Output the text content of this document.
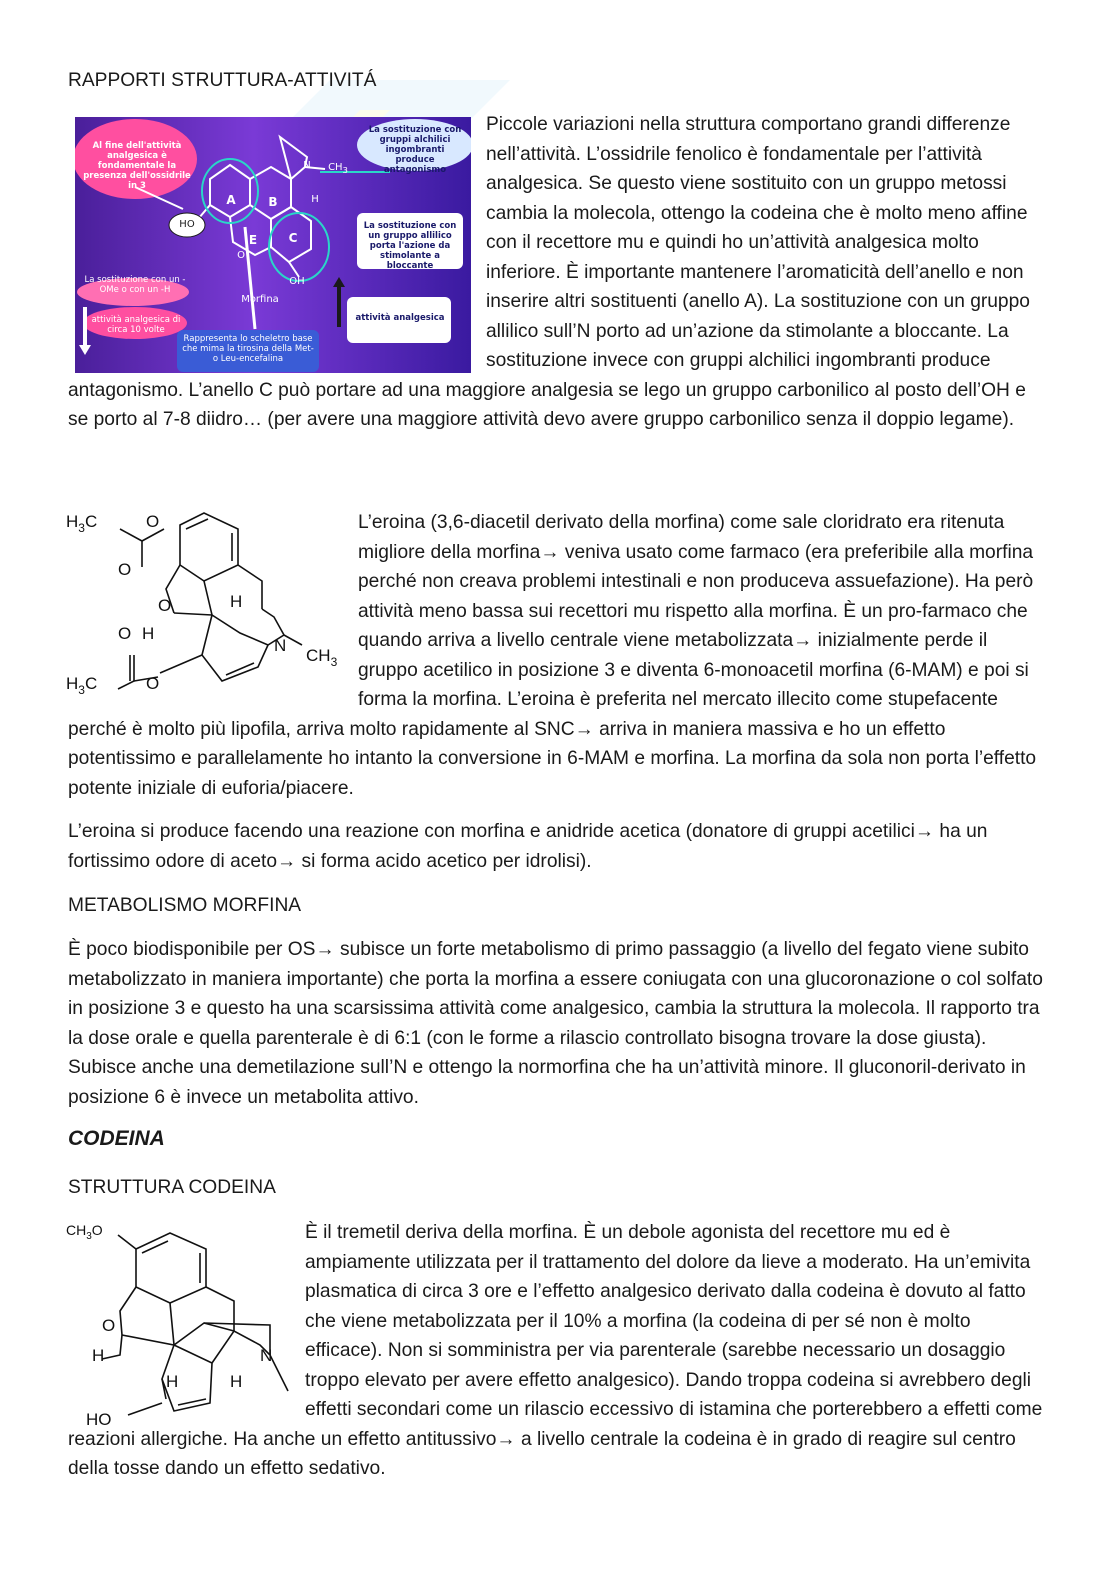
RAPPORTI STRUTTURA-ATTIVITÁ
Al fine dell'attività analgesica è fondamentale la presenza dell'ossidrile in 3
La sostituzione con gruppi alchilici ingombranti produce antagonismo
La sostituzione con un gruppo allilico porta l'azione da stimolante a bloccante
La sostituzione con un -OMe o con un -H
attività analgesica di circa 10 volte
Rappresenta lo scheletro base che mima la tirosina della Met- o Leu-encefalina
attività analgesica
Morfina
A	B
C
E
HO
OH
O
N	$CH_3$
H
Piccole variazioni nella struttura comportano grandi differenze nell’attività. L’ossidrile fenolico è fondamentale per l’attività analgesica. Se questo viene sostituito con un gruppo metossi cambia la molecola, ottengo la codeina che è molto meno affine con il recettore mu e quindi ho un’attività analgesica molto inferiore. È importante mantenere l’aromaticità dell’anello e non inserire altri sostituenti (anello A). La sostituzione con un gruppo allilico sull’N porto ad un’azione da stimolante a bloccante. La sostituzione invece con gruppi alchilici ingombranti produce antagonismo. L’anello C può portare ad una maggiore analgesia se lego un gruppo carbonilico al posto dell’OH e se porto al 7-8 diidro… (per avere una maggiore attività devo avere gruppo carbonilico senza il doppio legame).
$H_3C$	O
O
O	H
O H
N
$CH_3$
$H_3C$	O
L’eroina (3,6-diacetil derivato della morfina) come sale cloridrato era ritenuta migliore della morfina→ veniva usato come farmaco (era preferibile alla morfina perché non creava problemi intestinali e non produceva assuefazione). Ha però attività meno bassa sui recettori mu rispetto alla morfina. È un pro-farmaco che quando arriva a livello centrale viene metabolizzata→ inizialmente perde il gruppo acetilico in posizione 3 e diventa 6-monoacetil morfina (6-MAM) e poi si forma la morfina. L’eroina è preferita nel mercato illecito come stupefacente perché è molto più lipofila, arriva molto rapidamente al SNC→ arriva in maniera massiva e ho un effetto potentissimo e parallelamente ho intanto la conversione in 6-MAM e morfina. La morfina da sola non porta l’effetto potente iniziale di euforia/piacere.
L’eroina si produce facendo una reazione con morfina e anidride acetica (donatore di gruppi acetilici→ ha un fortissimo odore di aceto→ si forma acido acetico per idrolisi).
METABOLISMO MORFINA
È poco biodisponibile per OS→ subisce un forte metabolismo di primo passaggio (a livello del fegato viene subito metabolizzato in maniera importante) che porta la morfina a essere coniugata con una glucoronazione o col solfato in posizione 3 e questo ha una scarsissima attività come analgesico, cambia la struttura la molecola. Il rapporto tra la dose orale e quella parenterale è di 6:1 (con le forme a rilascio controllato bisogna trovare la dose giusta). Subisce anche una demetilazione sull’N e ottengo la normorfina che ha un’attività minore. Il gluconoril-derivato in posizione 6 è invece un metabolita attivo.
CODEINA
STRUTTURA CODEINA
$CH_3^O$
O
H
H	H
N
HO
È il tremetil deriva della morfina. È un debole agonista del recettore mu ed è ampiamente utilizzata per il trattamento del dolore da lieve a moderato. Ha un’emivita plasmatica di circa 3 ore e l’effetto analgesico derivato dalla codeina è dovuto al fatto che viene metabolizzata per il 10% a morfina (la codeina di per sé non è molto efficace). Non si somministra per via parenterale (sarebbe necessario un dosaggio troppo elevato per avere effetto analgesico). Dando troppa codeina si avrebbero degli effetti secondari come un rilascio eccessivo di istamina che porterebbero a effetti come reazioni allergiche. Ha anche un effetto antitussivo→ a livello centrale la codeina è in grado di reagire sul centro della tosse dando un effetto sedativo.
